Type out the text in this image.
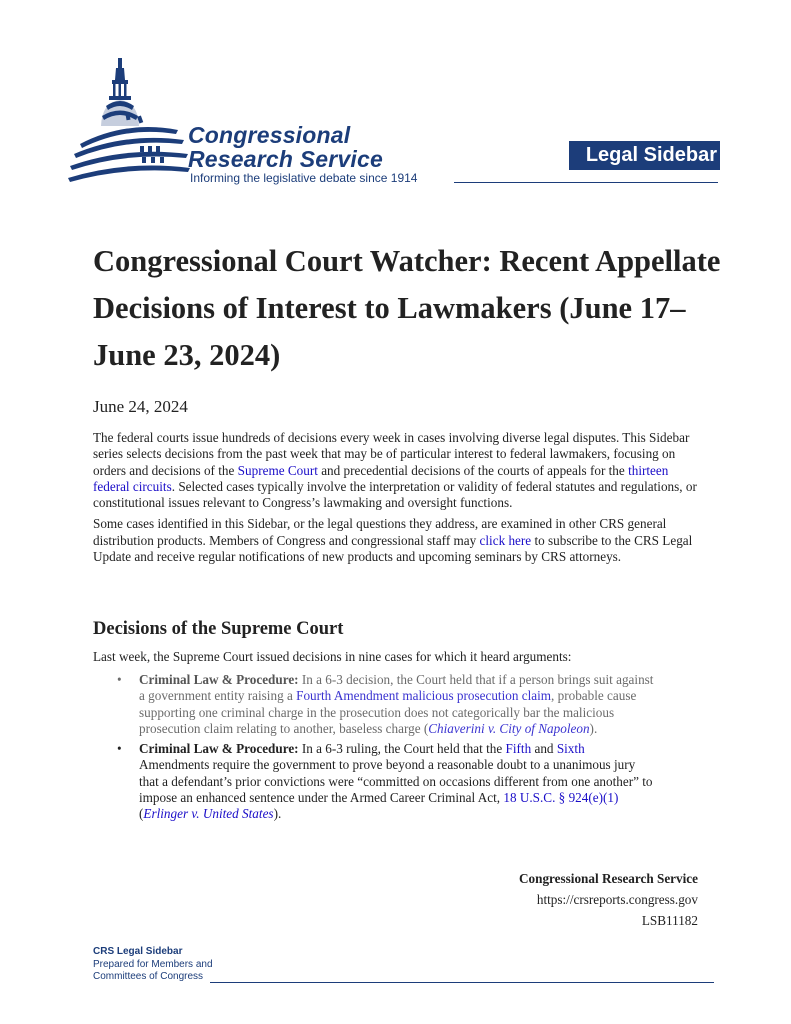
Congressional
Research Service
Informing the legislative debate since 1914
Legal Sidebar
Congressional Court Watcher: Recent Appellate Decisions of Interest to Lawmakers (June 17–June 23, 2024)
June 24, 2024

The federal courts issue hundreds of decisions every week in cases involving diverse legal disputes. This Sidebar series selects decisions from the past week that may be of particular interest to federal lawmakers, focusing on orders and decisions of the Supreme Court and precedential decisions of the courts of appeals for the thirteen federal circuits. Selected cases typically involve the interpretation or validity of federal statutes and regulations, or constitutional issues relevant to Congress’s lawmaking and oversight functions.

Some cases identified in this Sidebar, or the legal questions they address, are examined in other CRS general distribution products. Members of Congress and congressional staff may click here to subscribe to the CRS Legal Update and receive regular notifications of new products and upcoming seminars by CRS attorneys.

Decisions of the Supreme Court

Last week, the Supreme Court issued decisions in nine cases for which it heard arguments:

• Criminal Law & Procedure: In a 6-3 decision, the Court held that if a person brings suit against a government entity raising a Fourth Amendment malicious prosecution claim, probable cause supporting one criminal charge in the prosecution does not categorically bar the malicious prosecution claim relating to another, baseless charge (Chiaverini v. City of Napoleon).
• Criminal Law & Procedure: In a 6-3 ruling, the Court held that the Fifth and Sixth Amendments require the government to prove beyond a reasonable doubt to a unanimous jury that a defendant’s prior convictions were “committed on occasions different from one another” to impose an enhanced sentence under the Armed Career Criminal Act, 18 U.S.C. § 924(e)(1) (Erlinger v. United States).
Congressional Research Service
https://crsreports.congress.gov
LSB11182
CRS Legal Sidebar
Prepared for Members and
Committees of Congress
